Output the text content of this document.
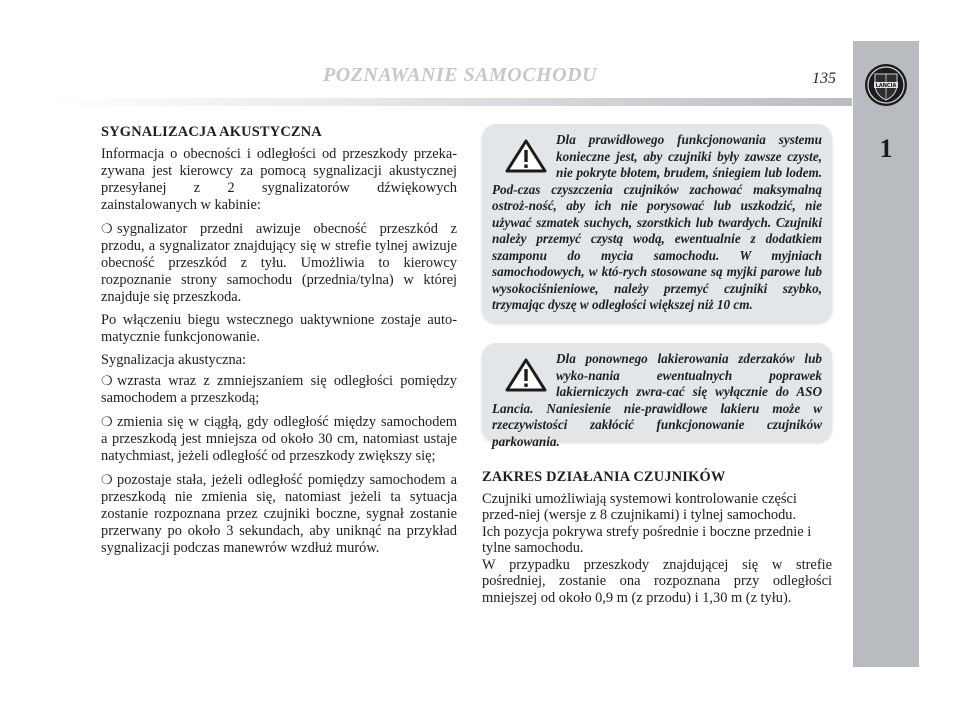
LANCIA
1
POZNAWANIE SAMOCHODU	135
SYGNALIZACJA AKUSTYCZNA

Informacja o obecności i odległości od przeszkody przeka-zywana jest kierowcy za pomocą sygnalizacji akustycznej przesyłanej z 2 sygnalizatorów dźwiękowych zainstalowanych w kabinie:

❍ sygnalizator przedni awizuje obecność przeszkód z przodu, a sygnalizator znajdujący się w strefie tylnej awizuje obecność przeszkód z tyłu. Umożliwia to kierowcy rozpoznanie strony samochodu (przednia/tylna) w której znajduje się przeszkoda.

Po włączeniu biegu wstecznego uaktywnione zostaje auto-matycznie funkcjonowanie.

Sygnalizacja akustyczna:

❍ wzrasta wraz z zmniejszaniem się odległości pomiędzy samochodem a przeszkodą;
❍ zmienia się w ciągłą, gdy odległość między samochodem a przeszkodą jest mniejsza od około 30 cm, natomiast ustaje natychmiast, jeżeli odległość od przeszkody zwiększy się;
❍ pozostaje stała, jeżeli odległość pomiędzy samochodem a przeszkodą nie zmienia się, natomiast jeżeli ta sytuacja zostanie rozpoznana przez czujniki boczne, sygnał zostanie przerwany po około 3 sekundach, aby uniknąć na przykład sygnalizacji podczas manewrów wzdłuż murów.
Dla prawidłowego funkcjonowania systemu konieczne jest, aby czujniki były zawsze czyste, nie pokryte błotem, brudem, śniegiem lub lodem. Pod-czas czyszczenia czujników zachować maksymalną ostroż-ność, aby ich nie porysować lub uszkodzić, nie używać szmatek suchych, szorstkich lub twardych. Czujniki należy przemyć czystą wodą, ewentualnie z dodatkiem szamponu do mycia samochodu. W myjniach samochodowych, w któ-rych stosowane są myjki parowe lub wysokociśnieniowe, należy przemyć czujniki szybko, trzymając dyszę w odległości większej niż 10 cm.
Dla ponownego lakierowania zderzaków lub wyko-nania ewentualnych poprawek lakierniczych zwra-cać się wyłącznie do ASO Lancia. Naniesienie nie-prawidłowe lakieru może w rzeczywistości zakłócić funkcjonowanie czujników parkowania.
ZAKRES DZIAŁANIA CZUJNIKÓW

Czujniki umożliwiają systemowi kontrolowanie części przed-niej (wersje z 8 czujnikami) i tylnej samochodu.

Ich pozycja pokrywa strefy pośrednie i boczne przednie i tylne samochodu.

W przypadku przeszkody znajdującej się w strefie pośredniej, zostanie ona rozpoznana przy odległości mniejszej od około 0,9 m (z przodu) i 1,30 m (z tyłu).
